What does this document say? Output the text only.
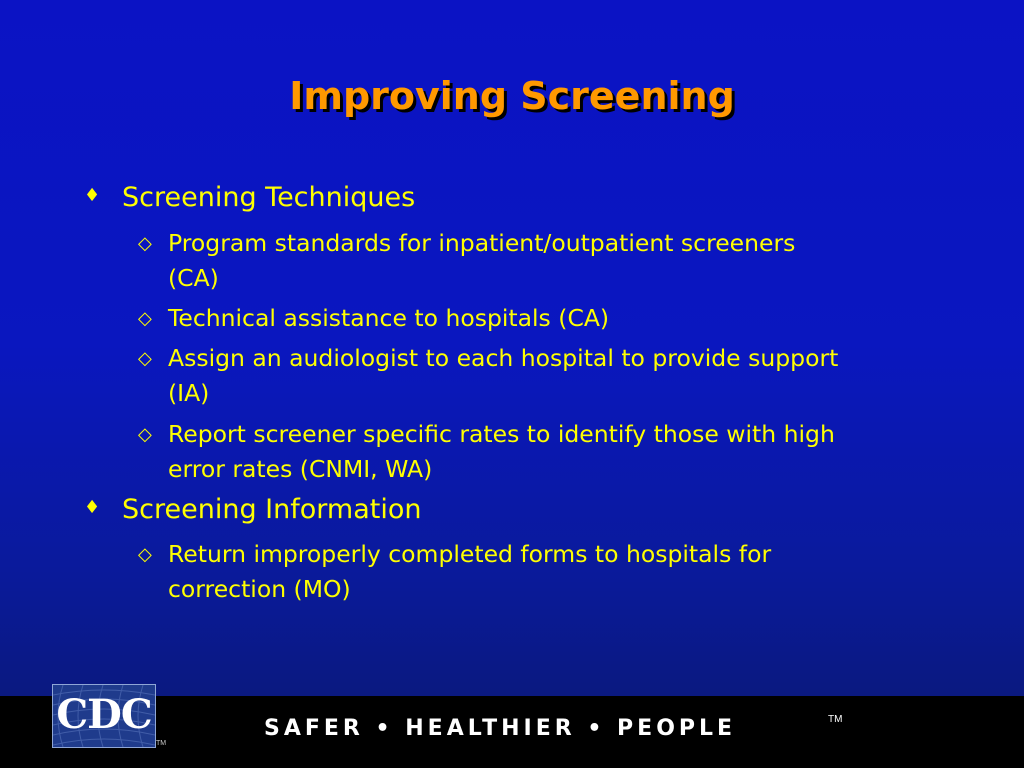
Improving Screening
♦ Screening Techniques
◇ Program standards for inpatient/outpatient screeners
(CA)
◇ Technical assistance to hospitals (CA)
◇ Assign an audiologist to each hospital to provide support
(IA)
◇ Report screener specific rates to identify those with high
error rates (CNMI, WA)
♦ Screening Information
◇ Return improperly completed forms to hospitals for
correction (MO)
CDC
TM
SAFER • HEALTHIER • PEOPLE	TM
